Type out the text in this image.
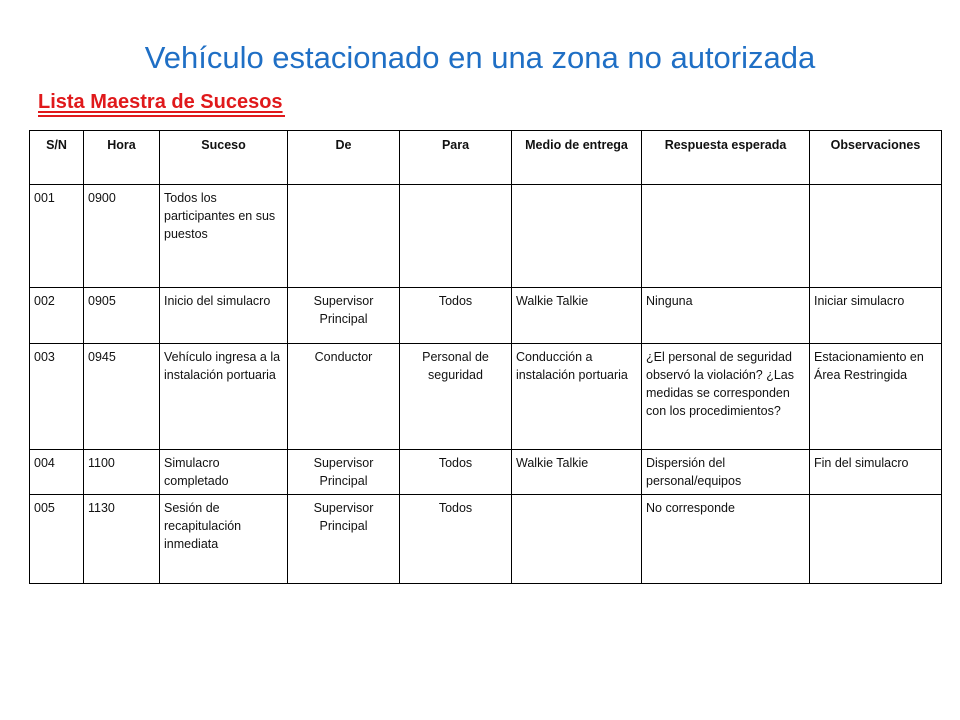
Vehículo estacionado en una zona no autorizada
Lista Maestra de Sucesos
S/N	Hora	Suceso	De	Para	Medio de entrega	Respuesta esperada	Observaciones
001	0900	Todos los participantes en sus puestos					
002	0905	Inicio del simulacro	Supervisor Principal	Todos	Walkie Talkie	Ninguna	Iniciar simulacro
003	0945	Vehículo ingresa a la instalación portuaria	Conductor	Personal de seguridad	Conducción a instalación portuaria	¿El personal de seguridad observó la violación? ¿Las medidas se corresponden con los procedimientos?	Estacionamiento en Área Restringida
004	1100	Simulacro completado	Supervisor Principal	Todos	Walkie Talkie	Dispersión del personal/equipos	Fin del simulacro
005	1130	Sesión de recapitulación inmediata	Supervisor Principal	Todos		No corresponde	
